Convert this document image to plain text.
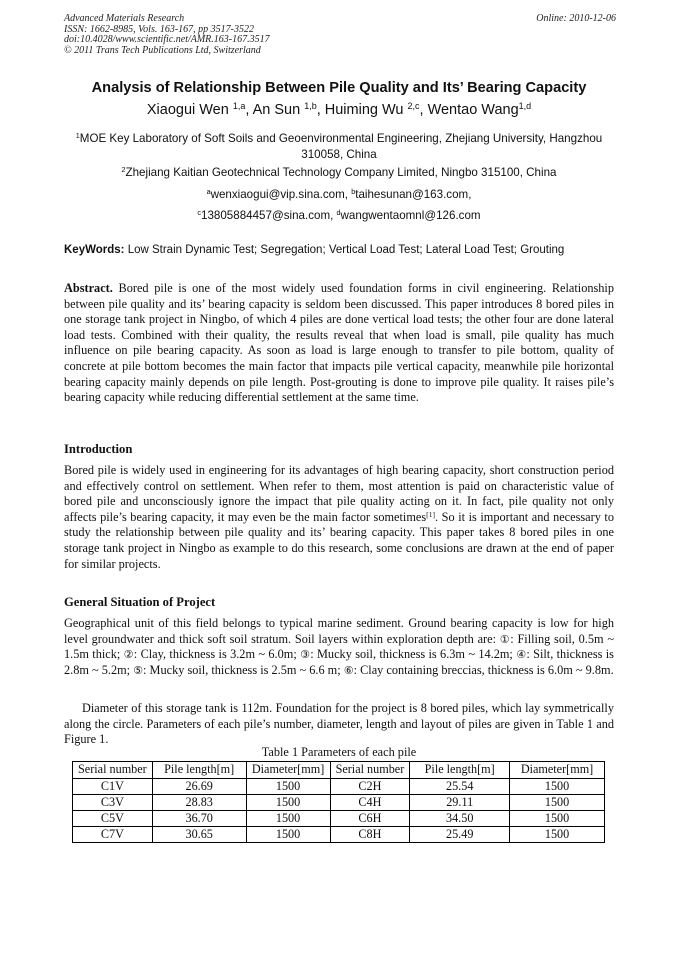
Advanced Materials Research
ISSN: 1662-8985, Vols. 163-167, pp 3517-3522
doi:10.4028/www.scientific.net/AMR.163-167.3517
© 2011 Trans Tech Publications Ltd, Switzerland
Online: 2010-12-06
Analysis of Relationship Between Pile Quality and Its’ Bearing Capacity
Xiaogui Wen $^{1,a}$, An Sun $^{1,b}$, Huiming Wu $^{2,c}$, Wentao Wang$^{1,d}$
$^1$MOE Key Laboratory of Soft Soils and Geoenvironmental Engineering, Zhejiang University, Hangzhou 310058, China
$^2$Zhejiang Kaitian Geotechnical Technology Company Limited, Ningbo 315100, China
$^a$wenxiaogui@vip.sina.com, $^b$taihesunan@163.com,
$^c$13805884457@sina.com, $^d$wangwentaomnl@126.com
KeyWords: Low Strain Dynamic Test; Segregation; Vertical Load Test; Lateral Load Test; Grouting
Abstract. Bored pile is one of the most widely used foundation forms in civil engineering. Relationship between pile quality and its’ bearing capacity is seldom been discussed. This paper introduces 8 bored piles in one storage tank project in Ningbo, of which 4 piles are done vertical load tests; the other four are done lateral load tests. Combined with their quality, the results reveal that when load is small, pile quality has much influence on pile bearing capacity. As soon as load is large enough to transfer to pile bottom, quality of concrete at pile bottom becomes the main factor that impacts pile vertical capacity, meanwhile pile horizontal bearing capacity mainly depends on pile length. Post-grouting is done to improve pile quality. It raises pile’s bearing capacity while reducing differential settlement at the same time.
Introduction
Bored pile is widely used in engineering for its advantages of high bearing capacity, short construction period and effectively control on settlement. When refer to them, most attention is paid on characteristic value of bored pile and unconsciously ignore the impact that pile quality acting on it. In fact, pile quality not only affects pile’s bearing capacity, it may even be the main factor sometimes[1]. So it is important and necessary to study the relationship between pile quality and its’ bearing capacity. This paper takes 8 bored piles in one storage tank project in Ningbo as example to do this research, some conclusions are drawn at the end of paper for similar projects.
General Situation of Project
Geographical unit of this field belongs to typical marine sediment. Ground bearing capacity is low for high level groundwater and thick soft soil stratum. Soil layers within exploration depth are: ①: Filling soil, 0.5m ~ 1.5m thick; ②: Clay, thickness is 3.2m ~ 6.0m; ③: Mucky soil, thickness is 6.3m ~ 14.2m; ④: Silt, thickness is 2.8m ~ 5.2m; ⑤: Mucky soil, thickness is 2.5m ~ 6.6 m; ⑥: Clay containing breccias, thickness is 6.0m ~ 9.8m.
Diameter of this storage tank is 112m. Foundation for the project is 8 bored piles, which lay symmetrically along the circle. Parameters of each pile’s number, diameter, length and layout of piles are given in Table 1 and Figure 1.
Table 1 Parameters of each pile
Serial number	Pile length[m]	Diameter[mm]	Serial number	Pile length[m]	Diameter[mm]
C1V	26.69	1500	C2H	25.54	1500
C3V	28.83	1500	C4H	29.11	1500
C5V	36.70	1500	C6H	34.50	1500
C7V	30.65	1500	C8H	25.49	1500
